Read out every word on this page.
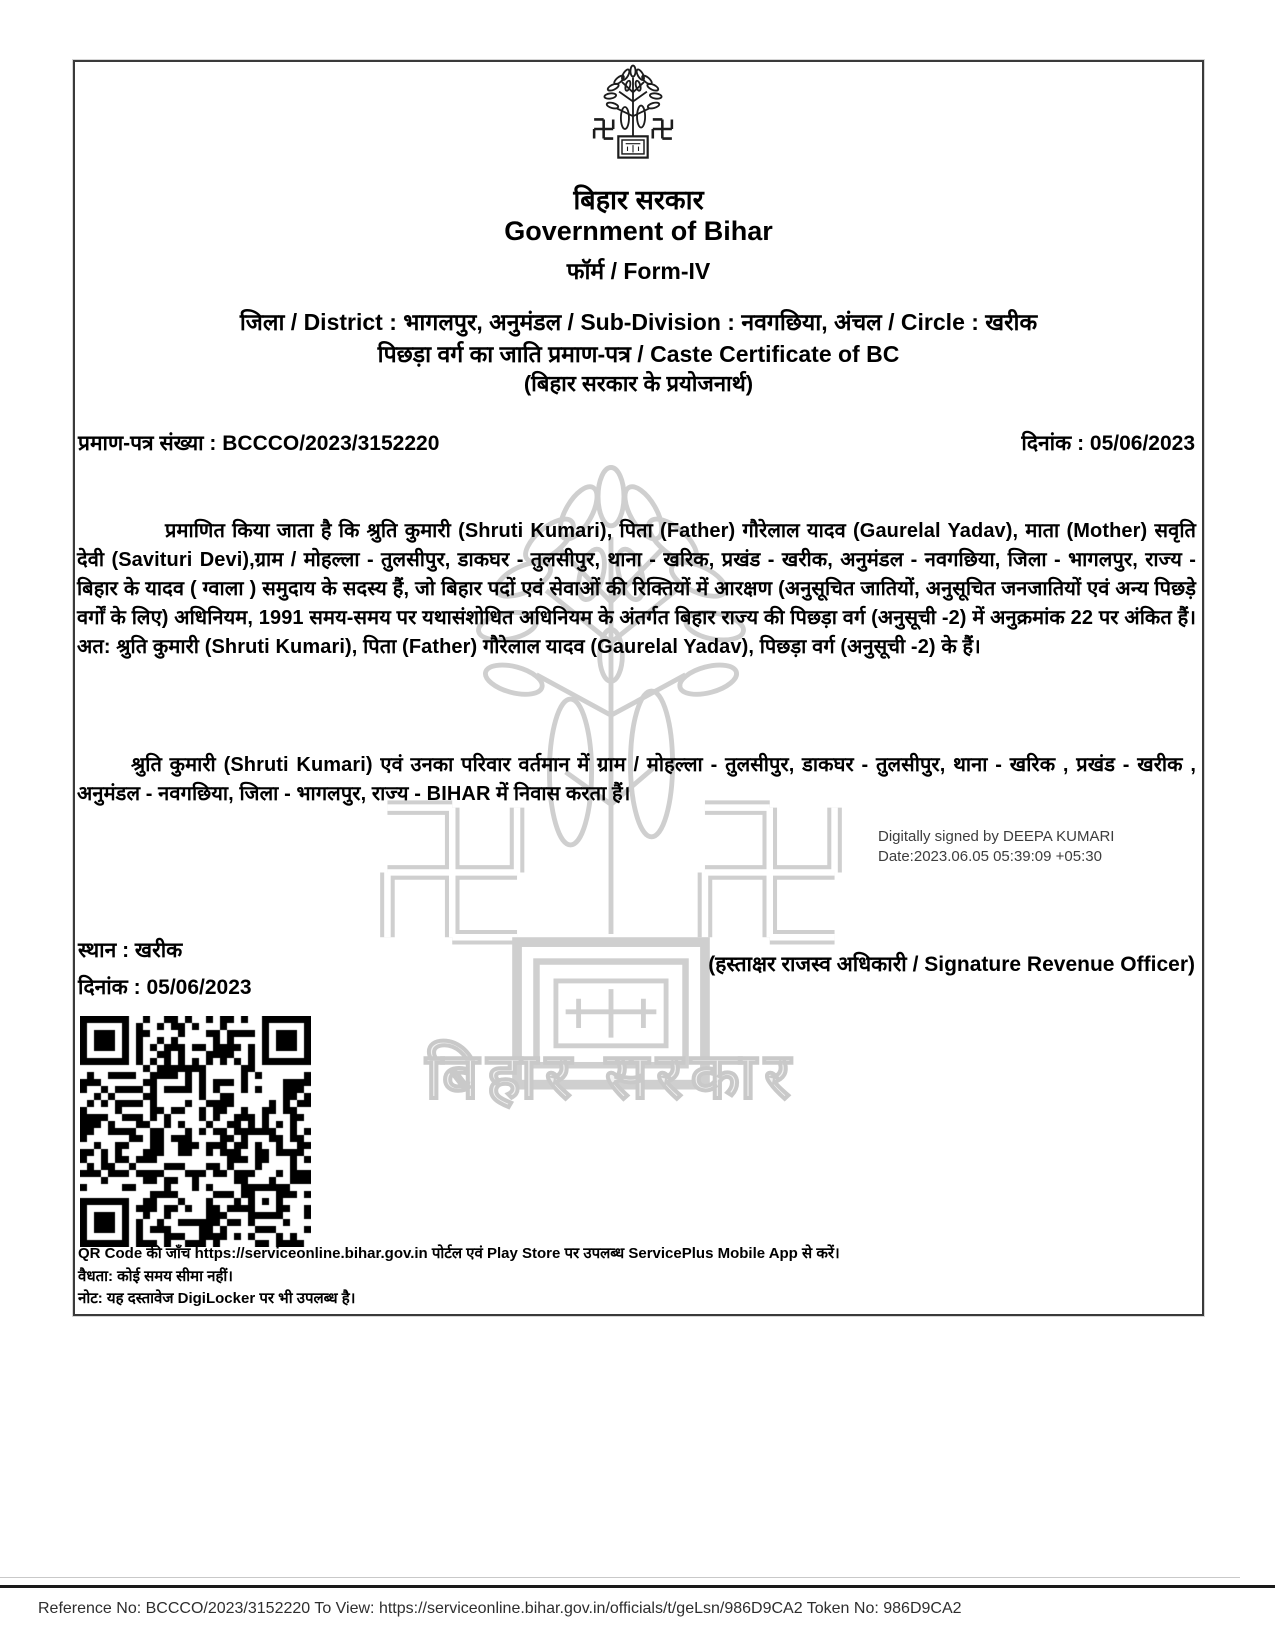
बिहार सरकार
बिहार सरकार
Government of Bihar
फॉर्म / Form-IV
जिला / District : भागलपुर, अनुमंडल / Sub-Division : नवगछिया, अंचल / Circle : खरीक
पिछड़ा वर्ग का जाति प्रमाण-पत्र / Caste Certificate of BC
(बिहार सरकार के प्रयोजनार्थ)
प्रमाण-पत्र संख्या : BCCCO/2023/3152220	दिनांक : 05/06/2023
प्रमाणित किया जाता है कि श्रुति कुमारी (Shruti Kumari), पिता (Father) गौरेलाल यादव (Gaurelal Yadav), माता (Mother) सवृति देवी (Savituri Devi),ग्राम / मोहल्ला - तुलसीपुर, डाकघर - तुलसीपुर, थाना - खरिक, प्रखंड - खरीक, अनुमंडल - नवगछिया, जिला - भागलपुर, राज्य - बिहार के यादव ( ग्वाला ) समुदाय के सदस्य हैं, जो बिहार पदों एवं सेवाओं की रिक्तियों में आरक्षण (अनुसूचित जातियों, अनुसूचित जनजातियों एवं अन्य पिछड़े वर्गों के लिए) अधिनियम, 1991 समय-समय पर यथासंशोधित अधिनियम के अंतर्गत बिहार राज्य की पिछड़ा वर्ग (अनुसूची -2) में अनुक्रमांक 22 पर अंकित हैं। अत: श्रुति कुमारी (Shruti Kumari), पिता (Father) गौरेलाल यादव (Gaurelal Yadav), पिछड़ा वर्ग (अनुसूची -2) के हैं।
श्रुति कुमारी (Shruti Kumari) एवं उनका परिवार वर्तमान में ग्राम / मोहल्ला - तुलसीपुर, डाकघर - तुलसीपुर, थाना - खरिक , प्रखंड - खरीक , अनुमंडल - नवगछिया, जिला - भागलपुर, राज्य - BIHAR में निवास करता हैं।
Digitally signed by DEEPA KUMARI
Date:2023.06.05 05:39:09 +05:30
स्थान : खरीक
दिनांक : 05/06/2023
(हस्ताक्षर राजस्व अधिकारी / Signature Revenue Officer)
QR Code की जाँच https://serviceonline.bihar.gov.in पोर्टल एवं Play Store पर उपलब्ध ServicePlus Mobile App से करें।
वैधता: कोई समय सीमा नहीं।
नोट: यह दस्तावेज DigiLocker पर भी उपलब्ध है।
Reference No: BCCCO/2023/3152220 To View: https://serviceonline.bihar.gov.in/officials/t/geLsn/986D9CA2 Token No: 986D9CA2
